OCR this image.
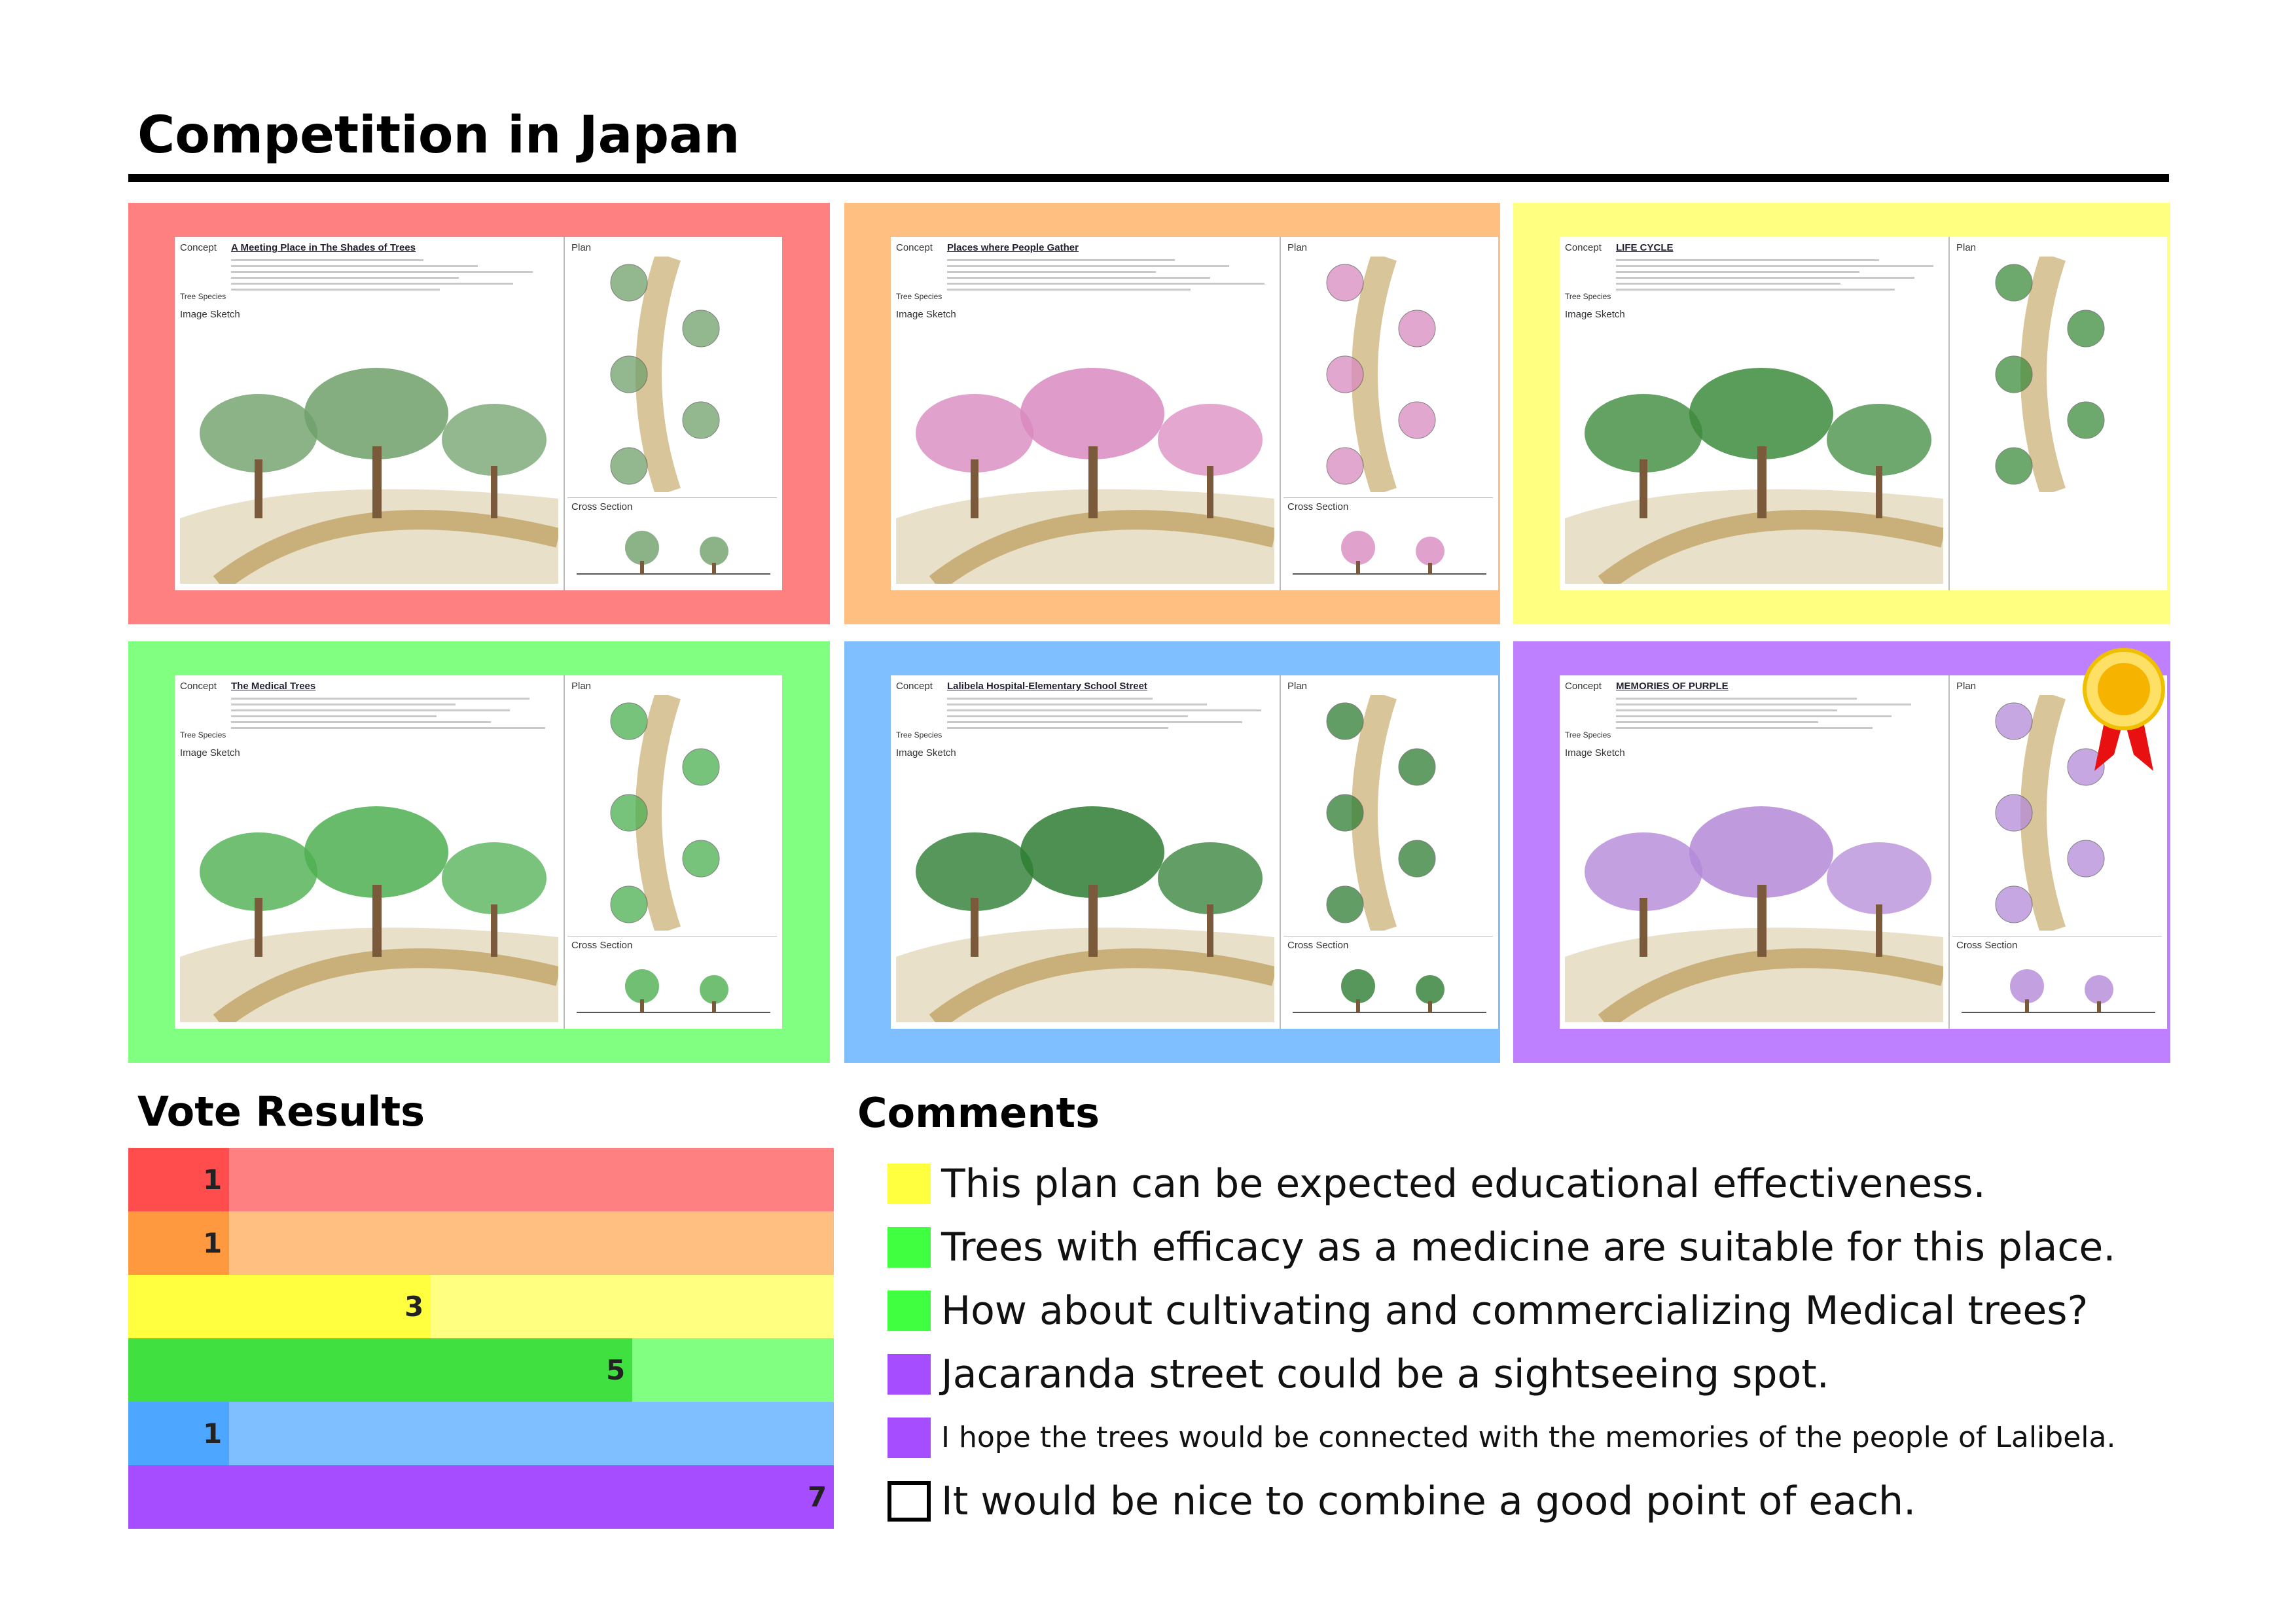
Competition in Japan
Concept A Meeting Place in The Shades of Trees
Tree Species
Image Sketch
Plan
Cross Section
Concept Places where People Gather
Tree Species
Image Sketch
Plan
Cross Section
Concept LIFE CYCLE
Tree Species
Image Sketch
Plan
Concept The Medical Trees
Tree Species
Image Sketch
Plan
Cross Section
Concept Lalibela Hospital-Elementary School Street
Tree Species
Image Sketch
Plan
Cross Section
Concept MEMORIES OF PURPLE
Tree Species
Image Sketch
Plan
Cross Section
Vote Results
1
1
3
5
1
7
Comments
This plan can be expected educational effectiveness.
Trees with efficacy as a medicine are suitable for this place.
How about cultivating and commercializing Medical trees?
Jacaranda street could be a sightseeing spot.
I hope the trees would be connected with the memories of the people of Lalibela.
It would be nice to combine a good point of each.
